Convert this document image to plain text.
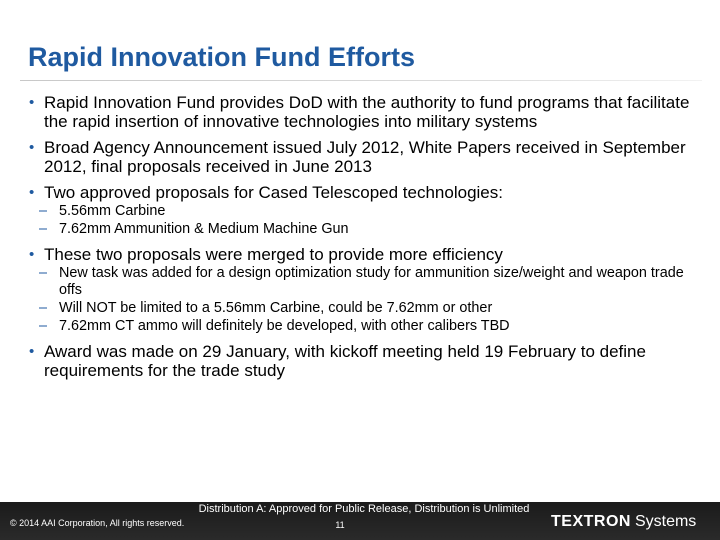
Rapid Innovation Fund Efforts
• Rapid Innovation Fund provides DoD with the authority to fund programs that facilitate the rapid insertion of innovative technologies into military systems
• Broad Agency Announcement issued July 2012, White Papers received in September 2012, final proposals received in June 2013
• Two approved proposals for Cased Telescoped technologies:
– 5.56mm Carbine
– 7.62mm Ammunition & Medium Machine Gun
• These two proposals were merged to provide more efficiency
– New task was added for a design optimization study for ammunition size/weight and weapon trade offs
– Will NOT be limited to a 5.56mm Carbine, could be 7.62mm or other
– 7.62mm CT ammo will definitely be developed, with other calibers TBD
• Award was made on 29 January, with kickoff meeting held 19 February to define requirements for the trade study
© 2014 AAI Corporation, All rights reserved.
Distribution A: Approved for Public Release, Distribution is Unlimited
11	TEXTRON Systems
